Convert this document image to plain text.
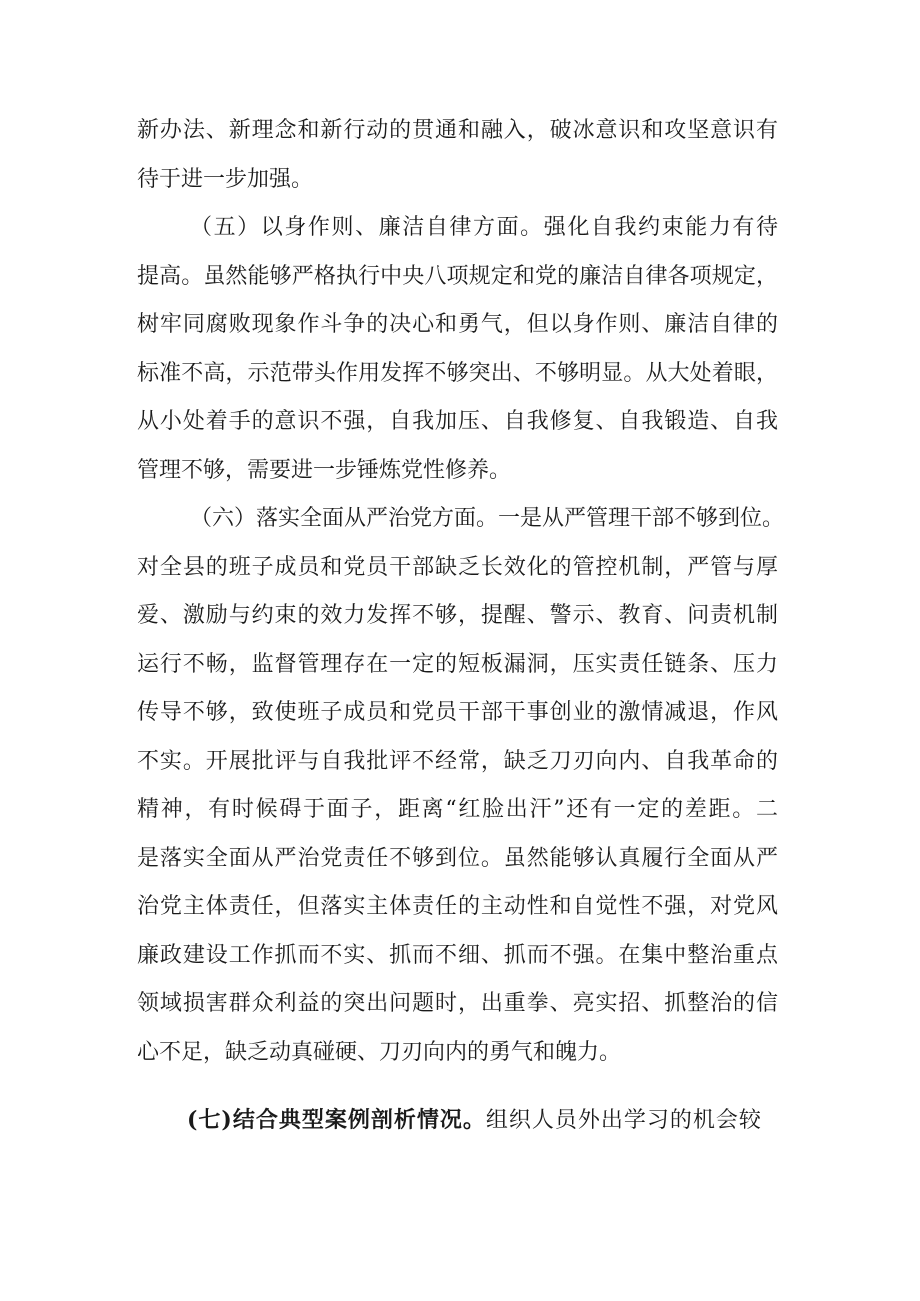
新办法、新理念和新行动的贯通和融入，破冰意识和攻坚意识有
待于进一步加强。
（五）以身作则、廉洁自律方面。强化自我约束能力有待
提高。虽然能够严格执行中央八项规定和党的廉洁自律各项规定，
树牢同腐败现象作斗争的决心和勇气，但以身作则、廉洁自律的
标准不高，示范带头作用发挥不够突出、不够明显。从大处着眼，
从小处着手的意识不强，自我加压、自我修复、自我锻造、自我
管理不够，需要进一步锤炼党性修养。
（六）落实全面从严治党方面。一是从严管理干部不够到位。
对全县的班子成员和党员干部缺乏长效化的管控机制，严管与厚
爱、激励与约束的效力发挥不够，提醒、警示、教育、问责机制
运行不畅，监督管理存在一定的短板漏洞，压实责任链条、压力
传导不够，致使班子成员和党员干部干事创业的激情减退，作风
不实。开展批评与自我批评不经常，缺乏刀刃向内、自我革命的
精神，有时候碍于面子，距离“红脸出汗”还有一定的差距。二
是落实全面从严治党责任不够到位。虽然能够认真履行全面从严
治党主体责任，但落实主体责任的主动性和自觉性不强，对党风
廉政建设工作抓而不实、抓而不细、抓而不强。在集中整治重点
领域损害群众利益的突出问题时，出重拳、亮实招、抓整治的信
心不足，缺乏动真碰硬、刀刃向内的勇气和魄力。
(七)结合典型案例剖析情况。组织人员外出学习的机会较
